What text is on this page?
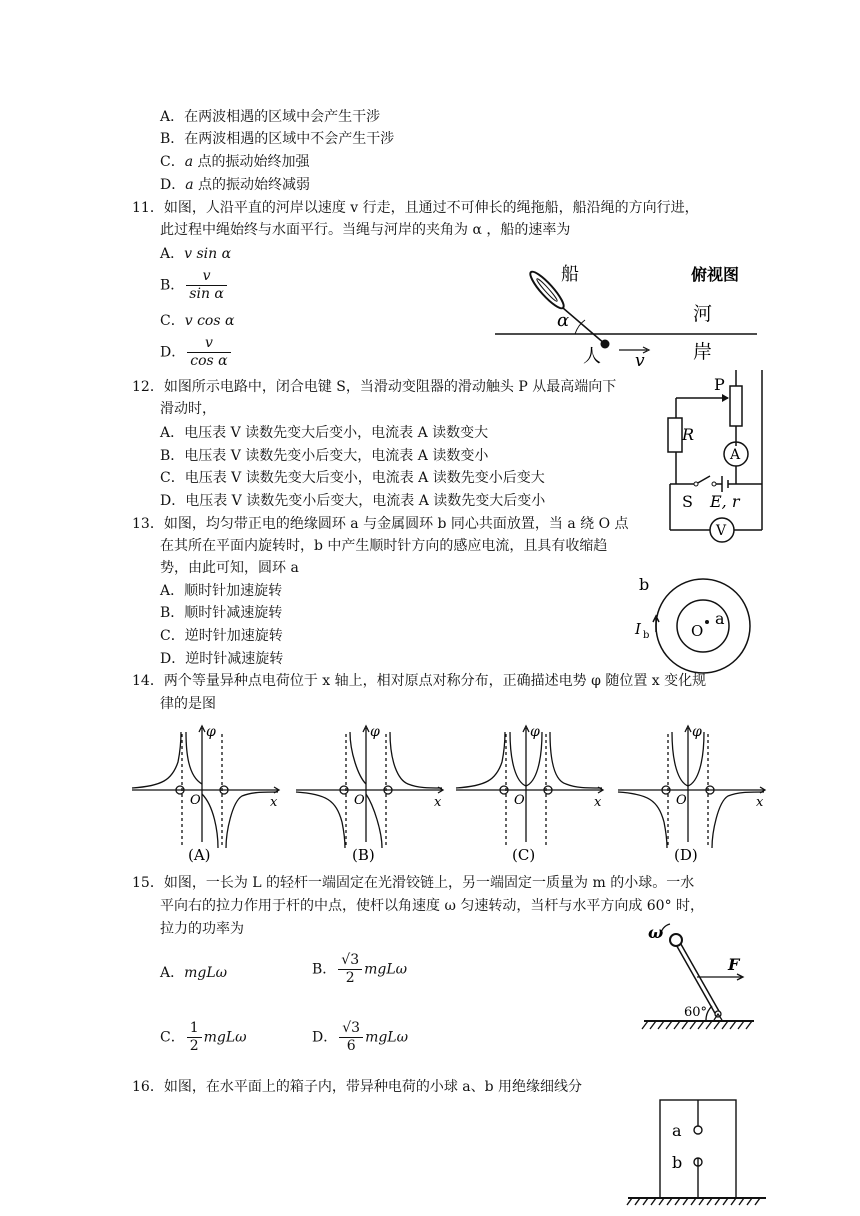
A．在两波相遇的区域中会产生干涉
B．在两波相遇的区域中不会产生干涉
C．a 点的振动始终加强
D．a 点的振动始终减弱
11．如图，人沿平直的河岸以速度 v 行走，且通过不可伸长的绳拖船，船沿绳的方向行进，
此过程中绳始终与水面平行。当绳与河岸的夹角为 α ，船的速率为
A．v sin α
B． $\frac{v}{\text{sin α}}$
C．v cos α
D． $\frac{v}{\text{cos α}}$
α
船	俯视图
河
人 v	岸
12．如图所示电路中，闭合电键 S，当滑动变阻器的滑动触头 P 从最高端向下
滑动时，
A．电压表 V 读数先变大后变小，电流表 A 读数变大
B．电压表 V 读数先变小后变大，电流表 A 读数变小
C．电压表 V 读数先变大后变小，电流表 A 读数先变小后变大
D．电压表 V 读数先变小后变大，电流表 A 读数先变大后变小
P
R
A
S E, r
V
13．如图，均匀带正电的绝缘圆环 a 与金属圆环 b 同心共面放置，当 a 绕 O 点
在其所在平面内旋转时，b 中产生顺时针方向的感应电流，且具有收缩趋
势，由此可知，圆环 a
A．顺时针加速旋转
B．顺时针减速旋转
C．逆时针加速旋转
D．逆时针减速旋转
b
a
O
I b
14．两个等量异种点电荷位于 x 轴上，相对原点对称分布，正确描述电势 φ 随位置 x 变化规
律的是图
φ
x
O
(A)
φ
x
O
(B)
φ
x
O
(C)
φ
x
O
(D)
15．如图，一长为 L 的轻杆一端固定在光滑铰链上，另一端固定一质量为 m 的小球。一水
平向右的拉力作用于杆的中点，使杆以角速度 ω 匀速转动，当杆与水平方向成 60° 时，
拉力的功率为
A．mgLω	B． $\frac{√3}{2}$ mgLω
C． $\frac{1}{2}$ mgLω	D． $\frac{√3}{6}$ mgLω
ω
F
60°
16．如图，在水平面上的箱子内，带异种电荷的小球 a、b 用绝缘细线分
a
b
